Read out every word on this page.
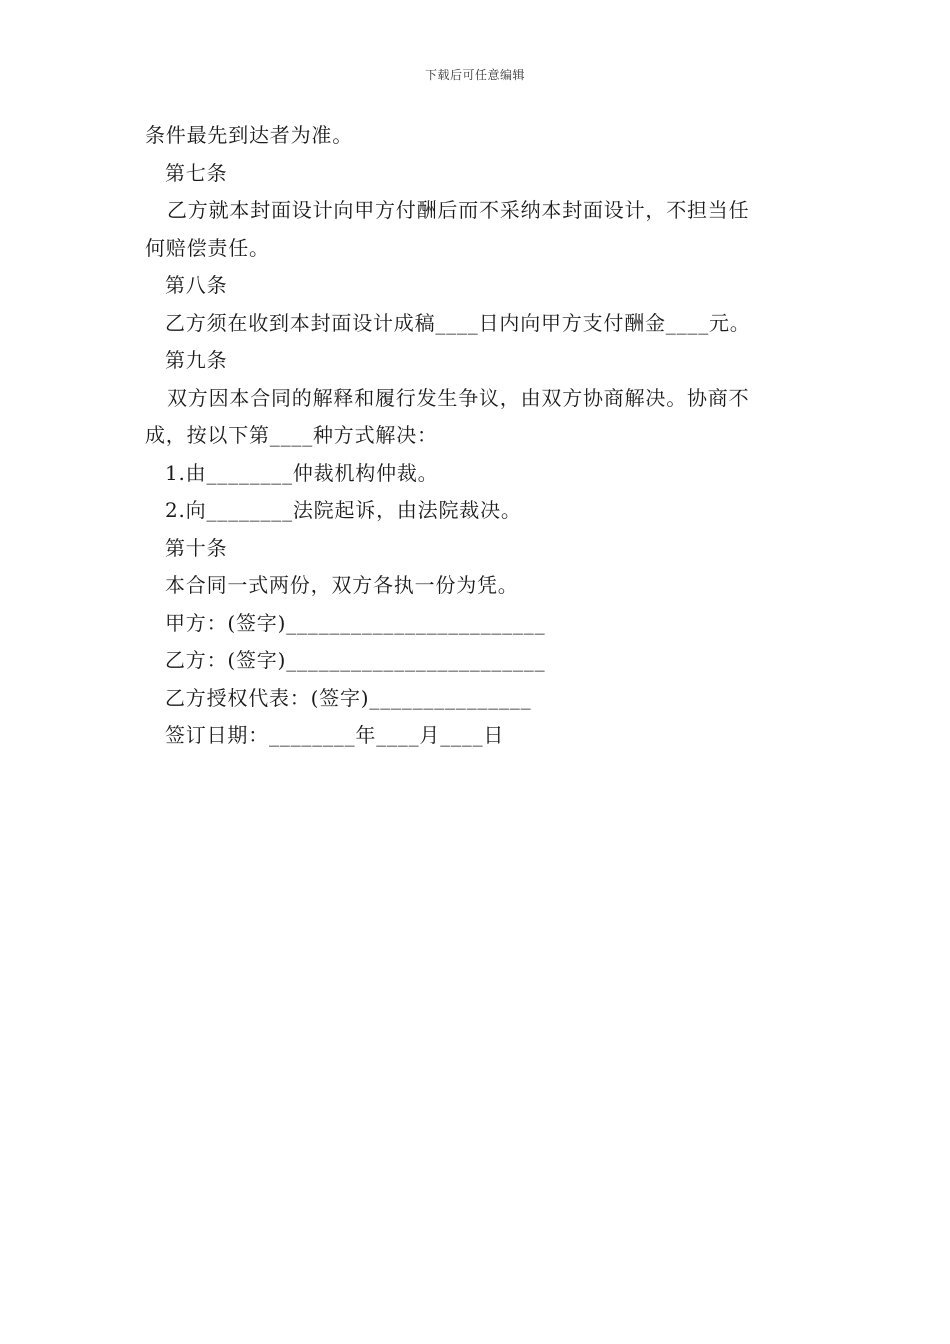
下载后可任意编辑
条件最先到达者为准。
第七条
乙方就本封面设计向甲方付酬后而不采纳本封面设计，不担当任
何赔偿责任。
第八条
乙方须在收到本封面设计成稿____日内向甲方支付酬金____元。
第九条
双方因本合同的解释和履行发生争议，由双方协商解决。协商不
成，按以下第____种方式解决：
1.由________仲裁机构仲裁。
2.向________法院起诉，由法院裁决。
第十条
本合同一式两份，双方各执一份为凭。
甲方：(签字)________________________
乙方：(签字)________________________
乙方授权代表：(签字)_______________
签订日期：________年____月____日
